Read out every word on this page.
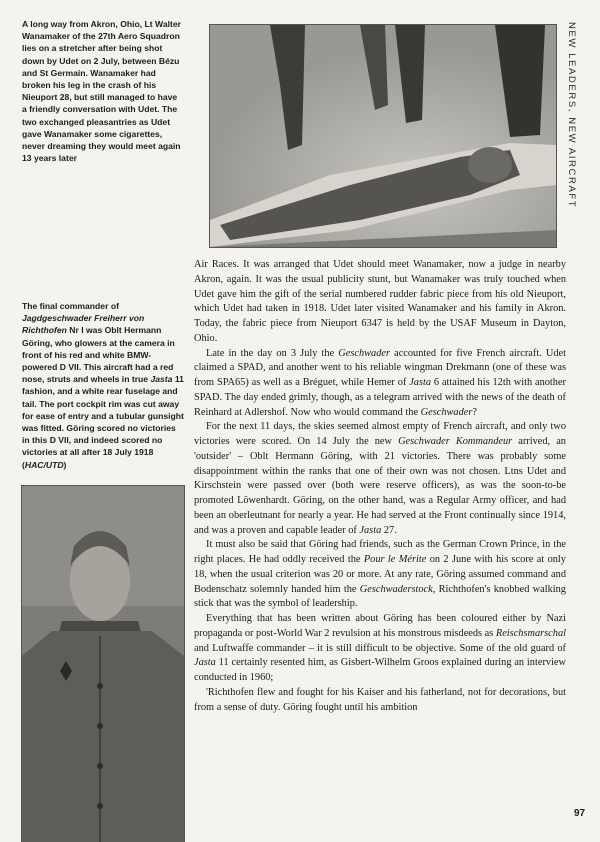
A long way from Akron, Ohio, Lt Walter Wanamaker of the 27th Aero Squadron lies on a stretcher after being shot down by Udet on 2 July, between Bézu and St Germain. Wanamaker had broken his leg in the crash of his Nieuport 28, but still managed to have a friendly conversation with Udet. The two exchanged pleasantries as Udet gave Wanamaker some cigarettes, never dreaming they would meet again 13 years later
The final commander of Jagdgeschwader Freiherr von Richthofen Nr I was Oblt Hermann Göring, who glowers at the camera in front of his red and white BMW-powered D VII. This aircraft had a red nose, struts and wheels in true Jasta 11 fashion, and a white rear fuselage and tail. The port cockpit rim was cut away for ease of entry and a tubular gunsight was fitted. Göring scored no victories in this D VII, and indeed scored no victories at all after 18 July 1918 (HAC/UTD)

Air Races. It was arranged that Udet should meet Wanamaker, now a judge in nearby Akron, again. It was the usual publicity stunt, but Wanamaker was truly touched when Udet gave him the gift of the serial numbered rudder fabric piece from his old Nieuport, which Udet had taken in 1918. Udet later visited Wanamaker and his family in Akron. Today, the fabric piece from Nieuport 6347 is held by the USAF Museum in Dayton, Ohio.

Late in the day on 3 July the Geschwader accounted for five French aircraft. Udet claimed a SPAD, and another went to his reliable wingman Drekmann (one of these was from SPA65) as well as a Bréguet, while Hemer of Jasta 6 attained his 12th with another SPAD. The day ended grimly, though, as a telegram arrived with the news of the death of Reinhard at Adlershof. Now who would command the Geschwader?

For the next 11 days, the skies seemed almost empty of French aircraft, and only two victories were scored. On 14 July the new Geschwader Kommandeur arrived, an 'outsider' – Oblt Hermann Göring, with 21 victories. There was probably some disappointment within the ranks that one of their own was not chosen. Ltns Udet and Kirschstein were passed over (both were reserve officers), as was the soon-to-be promoted Löwenhardt. Göring, on the other hand, was a Regular Army officer, and had been an oberleutnant for nearly a year. He had served at the Front continually since 1914, and was a proven and capable leader of Jasta 27.

It must also be said that Göring had friends, such as the German Crown Prince, in the right places. He had oddly received the Pour le Mérite on 2 June with his score at only 18, when the usual criterion was 20 or more. At any rate, Göring assumed command and Bodenschatz solemnly handed him the Geschwaderstock, Richthofen's knobbed walking stick that was the symbol of leadership.

Everything that has been written about Göring has been coloured either by Nazi propaganda or post-World War 2 revulsion at his monstrous misdeeds as Reischsmarschal and Luftwaffe commander – it is still difficult to be objective. Some of the old guard of Jasta 11 certainly resented him, as Gisbert-Wilhelm Groos explained during an interview conducted in 1960;

'Richthofen flew and fought for his Kaiser and his fatherland, not for decorations, but from a sense of duty. Göring fought until his ambition

NEW LEADERS, NEW AIRCRAFT
97
